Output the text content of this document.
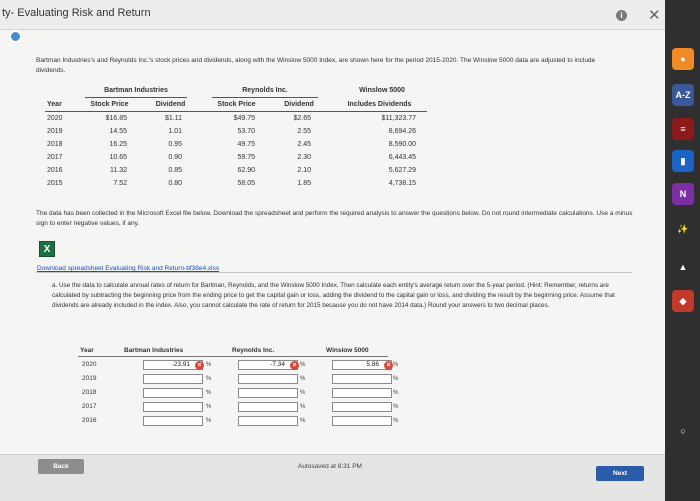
ty- Evaluating Risk and Return	i ✕
Bartman Industries's and Reynolds Inc.'s stock prices and dividends, along with the Winslow 5000 Index, are shown here for the period 2015-2020. The Winslow 5000 data are adjusted to include dividends.
Bartman Industries	Reynolds Inc.	Winslow 5000
Year	Stock Price	Dividend	Stock Price	Dividend	Includes Dividends
2020	$16.85	$1.11	$49.75	$2.65	$11,323.77
2019	14.55	1.01	53.70	2.55	8,694.26
2018	16.25	0.95	49.75	2.45	8,590.00
2017	10.65	0.90	59.75	2.30	6,443.45
2016	11.32	0.85	62.90	2.10	5,627.29
2015	7.52	0.80	58.05	1.85	4,738.15
The data has been collected in the Microsoft Excel file below. Download the spreadsheet and perform the required analysis to answer the questions below. Do not round intermediate calculations. Use a minus sign to enter negative values, if any.
X
Download spreadsheet Evaluating Risk and Return-bf38e4.xlsx
a. Use the data to calculate annual rates of return for Bartman, Reynolds, and the Winslow 5000 Index. Then calculate each entity's average return over the 5-year period. (Hint: Remember, returns are calculated by subtracting the beginning price from the ending price to get the capital gain or loss, adding the dividend to the capital gain or loss, and dividing the result by the beginning price. Assume that dividends are already included in the index. Also, you cannot calculate the rate of return for 2015 because you do not have 2014 data.) Round your answers to two decimal places.
Year	Bartman Industries	Reynolds Inc.	Winslow 5000
2020	-23.91	× %	-7.34	× %	5.86	× %
2019	%	%	%
2018	%	%	%
2017	%	%	%
2016	%	%	%
Back	Autosaved at 8:31 PM
Next
●
A-Z
≡
▮
N
✨
▲
◆
○
